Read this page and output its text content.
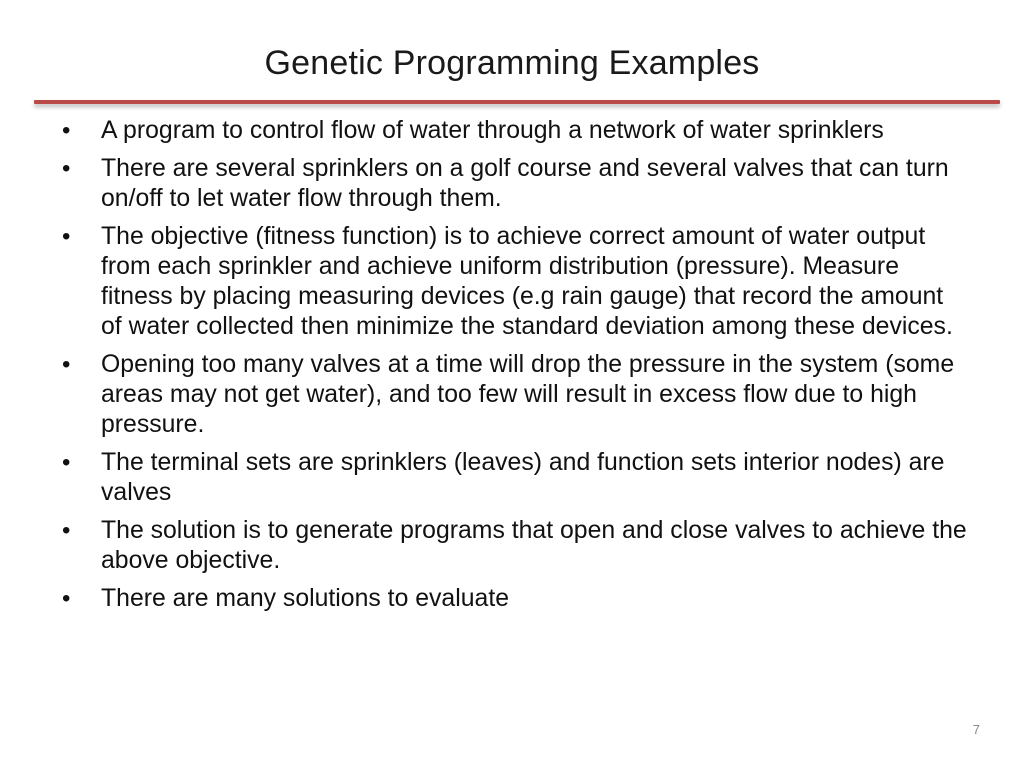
Genetic Programming Examples
•	A program to control flow of water through a network of water sprinklers
•	There are several sprinklers on a golf course and several valves that can turn on/off to let water flow through them.
•	The objective (fitness function) is to achieve correct amount of water output from each sprinkler and achieve uniform distribution (pressure). Measure fitness by placing measuring devices (e.g rain gauge) that record the amount of water collected then minimize the standard deviation among these devices.
•	Opening too many valves at a time will drop the pressure in the system (some areas may not get water), and too few will result in excess flow due to high pressure.
•	The terminal sets are sprinklers (leaves) and function sets interior nodes) are valves
•	The solution is to generate programs that open and close valves to achieve the above objective.
•	There are many solutions to evaluate
7
